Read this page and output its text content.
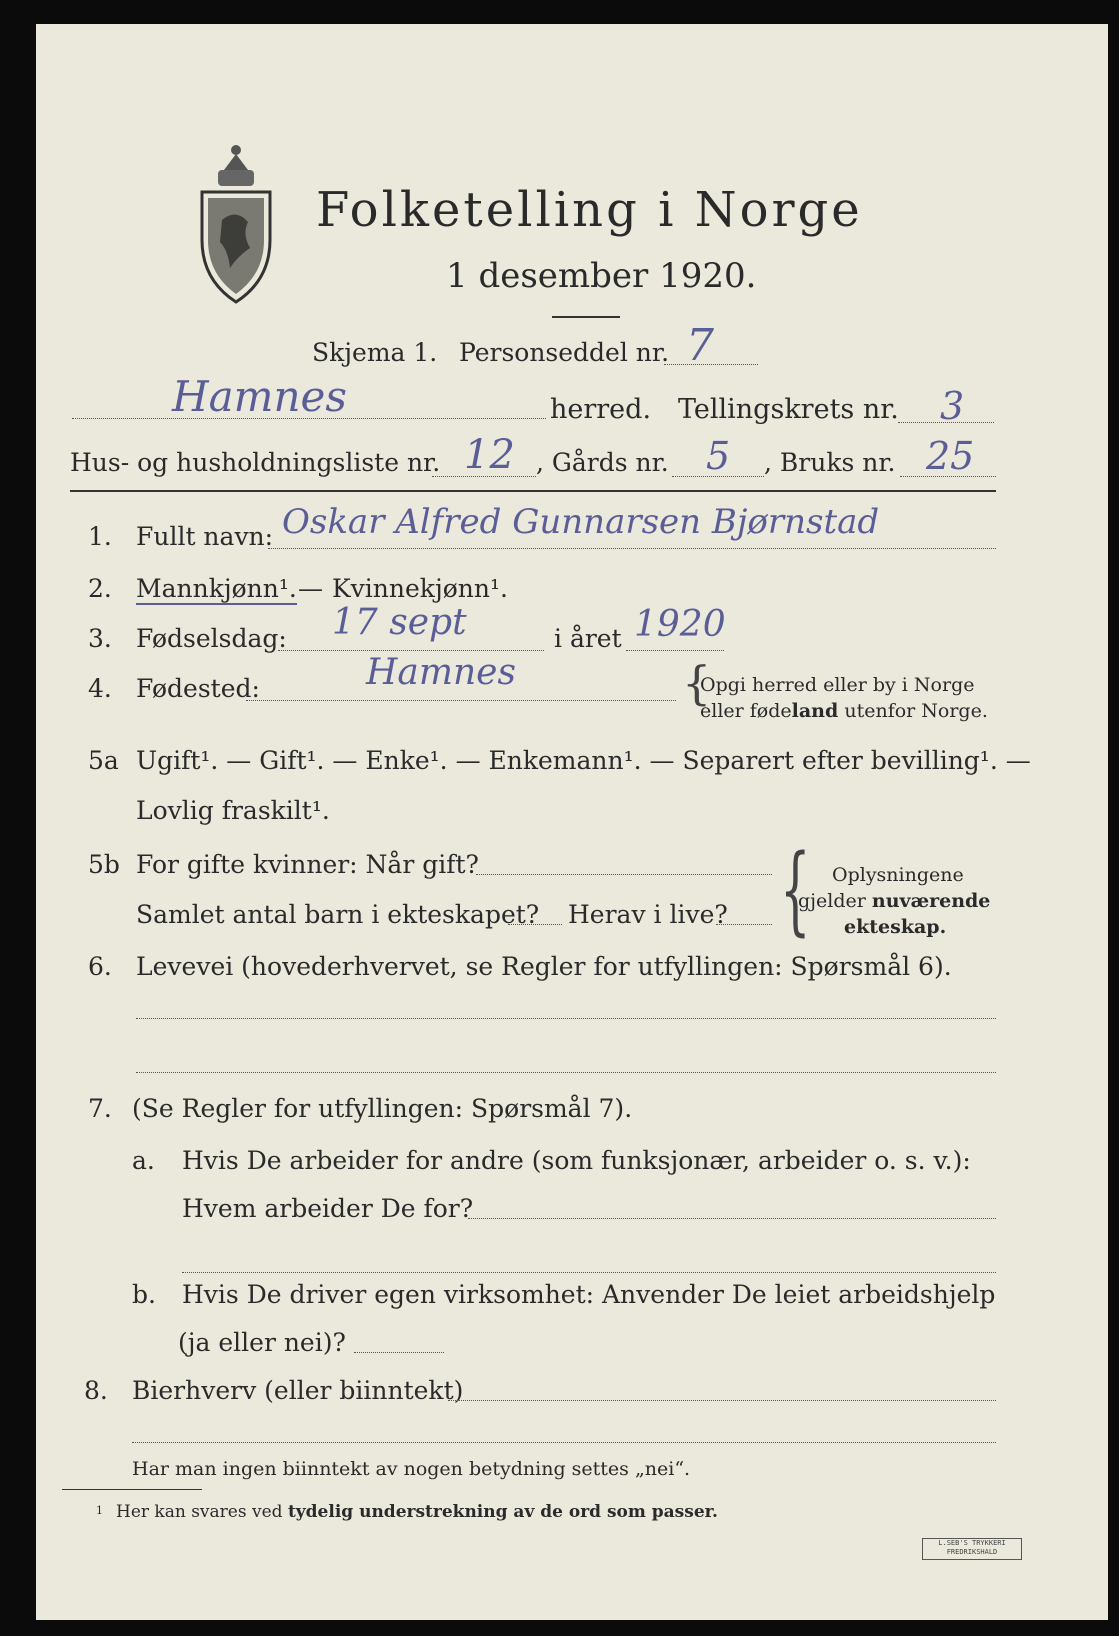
Folketelling i Norge
1 desember 1920.
Skjema 1. Personseddel nr. 7
Hamnes	herred. Tellingskrets nr. 3
Hus- og husholdningsliste nr. 12 , Gårds nr. 5 , Bruks nr. 25
1. Fullt navn: Oskar Alfred Gunnarsen Bjørnstad
2. Mannkjønn¹. — Kvinnekjønn¹.
3. Fødselsdag: 17 sept	i året 1920
4. Fødested:	Hamnes	{
Opgi herred eller by i Norge
eller fødeland utenfor Norge.
5a Ugift¹. — Gift¹. — Enke¹. — Enkemann¹. — Separert efter bevilling¹. —
Lovlig fraskilt¹.
5b For gifte kvinner: Når gift?
Samlet antal barn i ekteskapet? Herav i live? { Oplysningene
gjelder nuværende
ekteskap.
6. Levevei (hovederhvervet, se Regler for utfyllingen: Spørsmål 6).
7. (Se Regler for utfyllingen: Spørsmål 7).
a. Hvis De arbeider for andre (som funksjonær, arbeider o. s. v.):
Hvem arbeider De for?
b. Hvis De driver egen virksomhet: Anvender De leiet arbeidshjelp
(ja eller nei)?
8. Bierhverv (eller biinntekt)
Har man ingen biinntekt av nogen betydning settes „nei“.
1 Her kan svares ved tydelig understrekning av de ord som passer.
L.SEB'S TRYKKERI
FREDRIKSHALD
